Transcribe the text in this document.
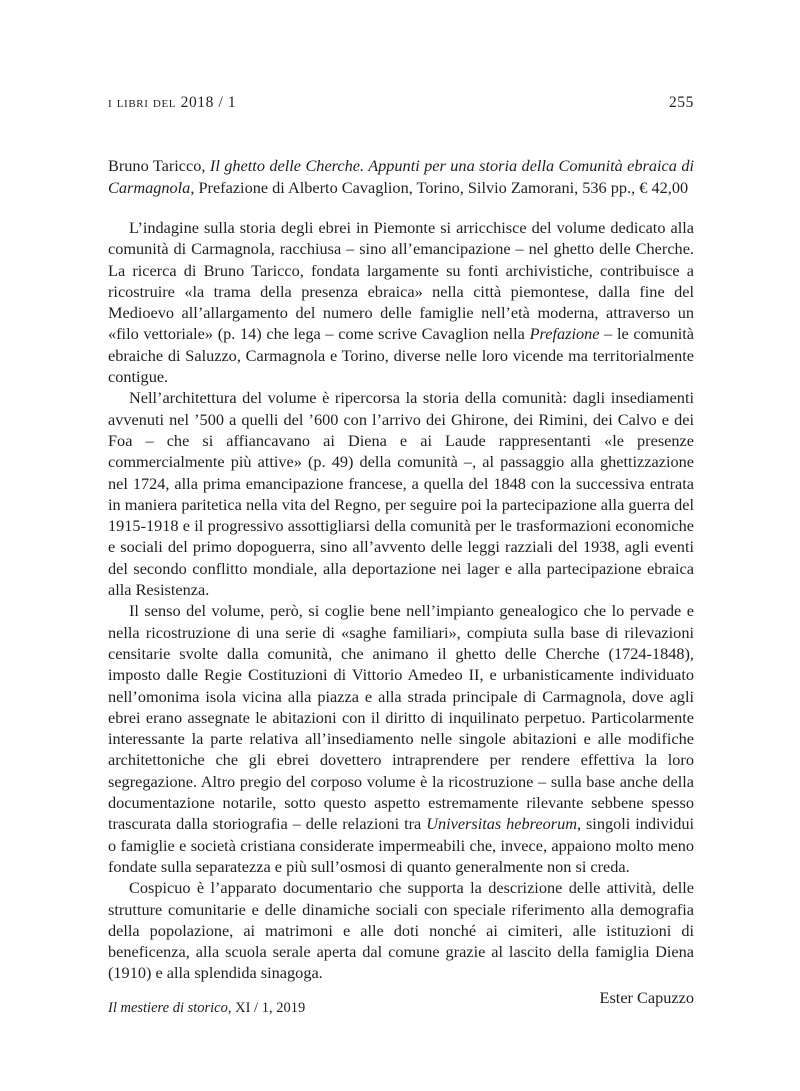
i libri del 2018 / 1	255
Bruno Taricco, Il ghetto delle Cherche. Appunti per una storia della Comunità ebraica di Carmagnola, Prefazione di Alberto Cavaglion, Torino, Silvio Zamorani, 536 pp., € 42,00

L’indagine sulla storia degli ebrei in Piemonte si arricchisce del volume dedicato alla comunità di Carmagnola, racchiusa – sino all’emancipazione – nel ghetto delle Cherche. La ricerca di Bruno Taricco, fondata largamente su fonti archivistiche, contribuisce a ricostruire «la trama della presenza ebraica» nella città piemontese, dalla fine del Medioevo all’allargamento del numero delle famiglie nell’età moderna, attraverso un «filo vettoriale» (p. 14) che lega – come scrive Cavaglion nella Prefazione – le comunità ebraiche di Saluzzo, Carmagnola e Torino, diverse nelle loro vicende ma territorialmente contigue.

Nell’architettura del volume è ripercorsa la storia della comunità: dagli insediamenti avvenuti nel ’500 a quelli del ’600 con l’arrivo dei Ghirone, dei Rimini, dei Calvo e dei Foa – che si affiancavano ai Diena e ai Laude rappresentanti «le presenze commercialmente più attive» (p. 49) della comunità –, al passaggio alla ghettizzazione nel 1724, alla prima emancipazione francese, a quella del 1848 con la successiva entrata in maniera paritetica nella vita del Regno, per seguire poi la partecipazione alla guerra del 1915-1918 e il progressivo assottigliarsi della comunità per le trasformazioni economiche e sociali del primo dopoguerra, sino all’avvento delle leggi razziali del 1938, agli eventi del secondo conflitto mondiale, alla deportazione nei lager e alla partecipazione ebraica alla Resistenza.

Il senso del volume, però, si coglie bene nell’impianto genealogico che lo pervade e nella ricostruzione di una serie di «saghe familiari», compiuta sulla base di rilevazioni censitarie svolte dalla comunità, che animano il ghetto delle Cherche (1724-1848), imposto dalle Regie Costituzioni di Vittorio Amedeo II, e urbanisticamente individuato nell’omonima isola vicina alla piazza e alla strada principale di Carmagnola, dove agli ebrei erano assegnate le abitazioni con il diritto di inquilinato perpetuo. Particolarmente interessante la parte relativa all’insediamento nelle singole abitazioni e alle modifiche architettoniche che gli ebrei dovettero intraprendere per rendere effettiva la loro segregazione. Altro pregio del corposo volume è la ricostruzione – sulla base anche della documentazione notarile, sotto questo aspetto estremamente rilevante sebbene spesso trascurata dalla storiografia – delle relazioni tra Universitas hebreorum, singoli individui o famiglie e società cristiana considerate impermeabili che, invece, appaiono molto meno fondate sulla separatezza e più sull’osmosi di quanto generalmente non si creda.

Cospicuo è l’apparato documentario che supporta la descrizione delle attività, delle strutture comunitarie e delle dinamiche sociali con speciale riferimento alla demografia della popolazione, ai matrimoni e alle doti nonché ai cimiteri, alle istituzioni di beneficenza, alla scuola serale aperta dal comune grazie al lascito della famiglia Diena (1910) e alla splendida sinagoga.

Ester Capuzzo
Il mestiere di storico, XI / 1, 2019
